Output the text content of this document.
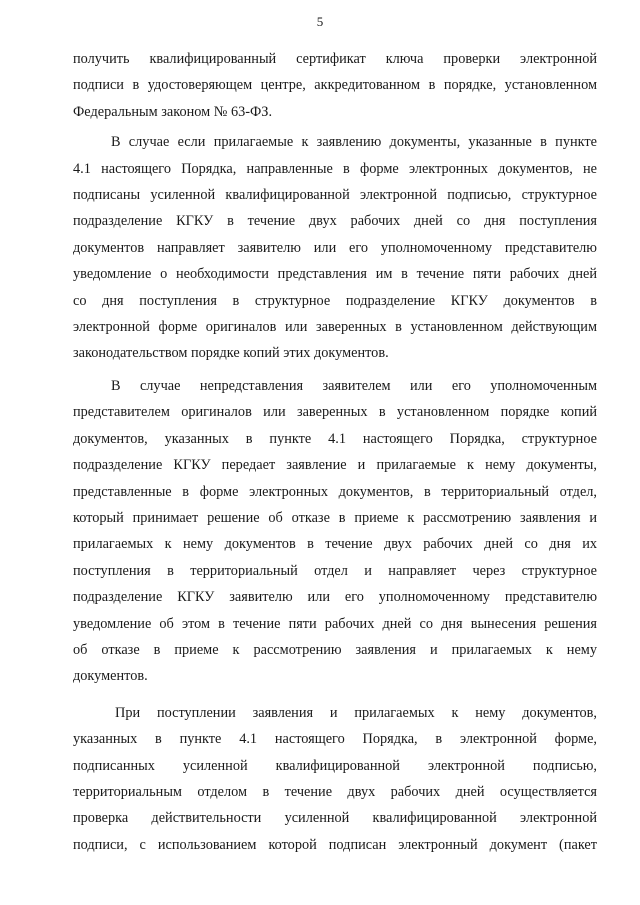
5
получить квалифицированный сертификат ключа проверки электронной
подписи в удостоверяющем центре, аккредитованном в порядке, установленном
Федеральным законом № 63-ФЗ.
В случае если прилагаемые к заявлению документы, указанные в пункте
4.1 настоящего Порядка, направленные в форме электронных документов, не
подписаны усиленной квалифицированной электронной подписью, структурное
подразделение КГКУ в течение двух рабочих дней со дня поступления
документов направляет заявителю или его уполномоченному представителю
уведомление о необходимости представления им в течение пяти рабочих дней
со дня поступления в структурное подразделение КГКУ документов в
электронной форме оригиналов или заверенных в установленном действующим
законодательством порядке копий этих документов.
В случае непредставления заявителем или его уполномоченным
представителем оригиналов или заверенных в установленном порядке копий
документов, указанных в пункте 4.1 настоящего Порядка, структурное
подразделение КГКУ передает заявление и прилагаемые к нему документы,
представленные в форме электронных документов, в территориальный отдел,
который принимает решение об отказе в приеме к рассмотрению заявления и
прилагаемых к нему документов в течение двух рабочих дней со дня их
поступления в территориальный отдел и направляет через структурное
подразделение КГКУ заявителю или его уполномоченному представителю
уведомление об этом в течение пяти рабочих дней со дня вынесения решения
об отказе в приеме к рассмотрению заявления и прилагаемых к нему
документов.
При поступлении заявления и прилагаемых к нему документов,
указанных в пункте 4.1 настоящего Порядка, в электронной форме,
подписанных усиленной квалифицированной электронной подписью,
территориальным отделом в течение двух рабочих дней осуществляется
проверка действительности усиленной квалифицированной электронной
подписи, с использованием которой подписан электронный документ (пакет
